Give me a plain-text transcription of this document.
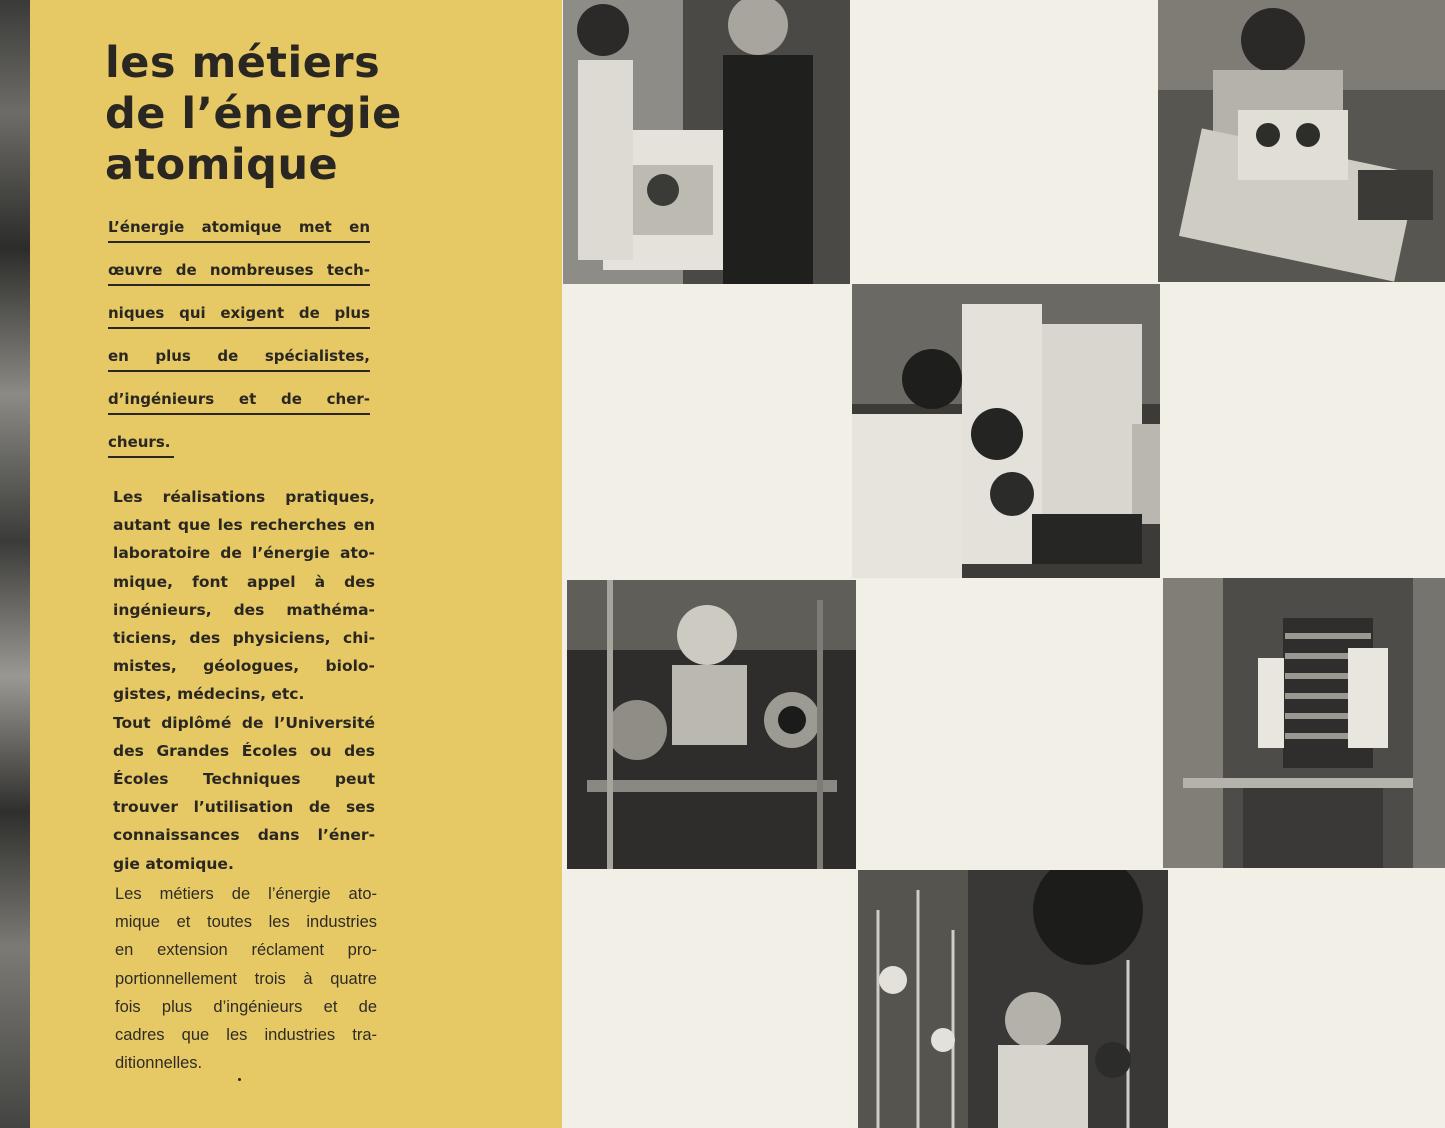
les métiers
de l’énergie
atomique
L’énergie atomique met en
œuvre de nombreuses tech-
niques qui exigent de plus
en plus de spécialistes,
d’ingénieurs et de cher-
cheurs.
Les réalisations pratiques,
autant que les recherches en
laboratoire de l’énergie ato-
mique, font appel à des
ingénieurs, des mathéma-
ticiens, des physiciens, chi-
mistes, géologues, biolo-
gistes, médecins, etc.
Tout diplômé de l’Université
des Grandes Écoles ou des
Écoles Techniques peut
trouver l’utilisation de ses
connaissances dans l’éner-
gie atomique.
Les métiers de l’énergie ato-
mique et toutes les industries
en extension réclament pro-
portionnellement trois à quatre
fois plus d’ingénieurs et de
cadres que les industries tra-
ditionnelles.
